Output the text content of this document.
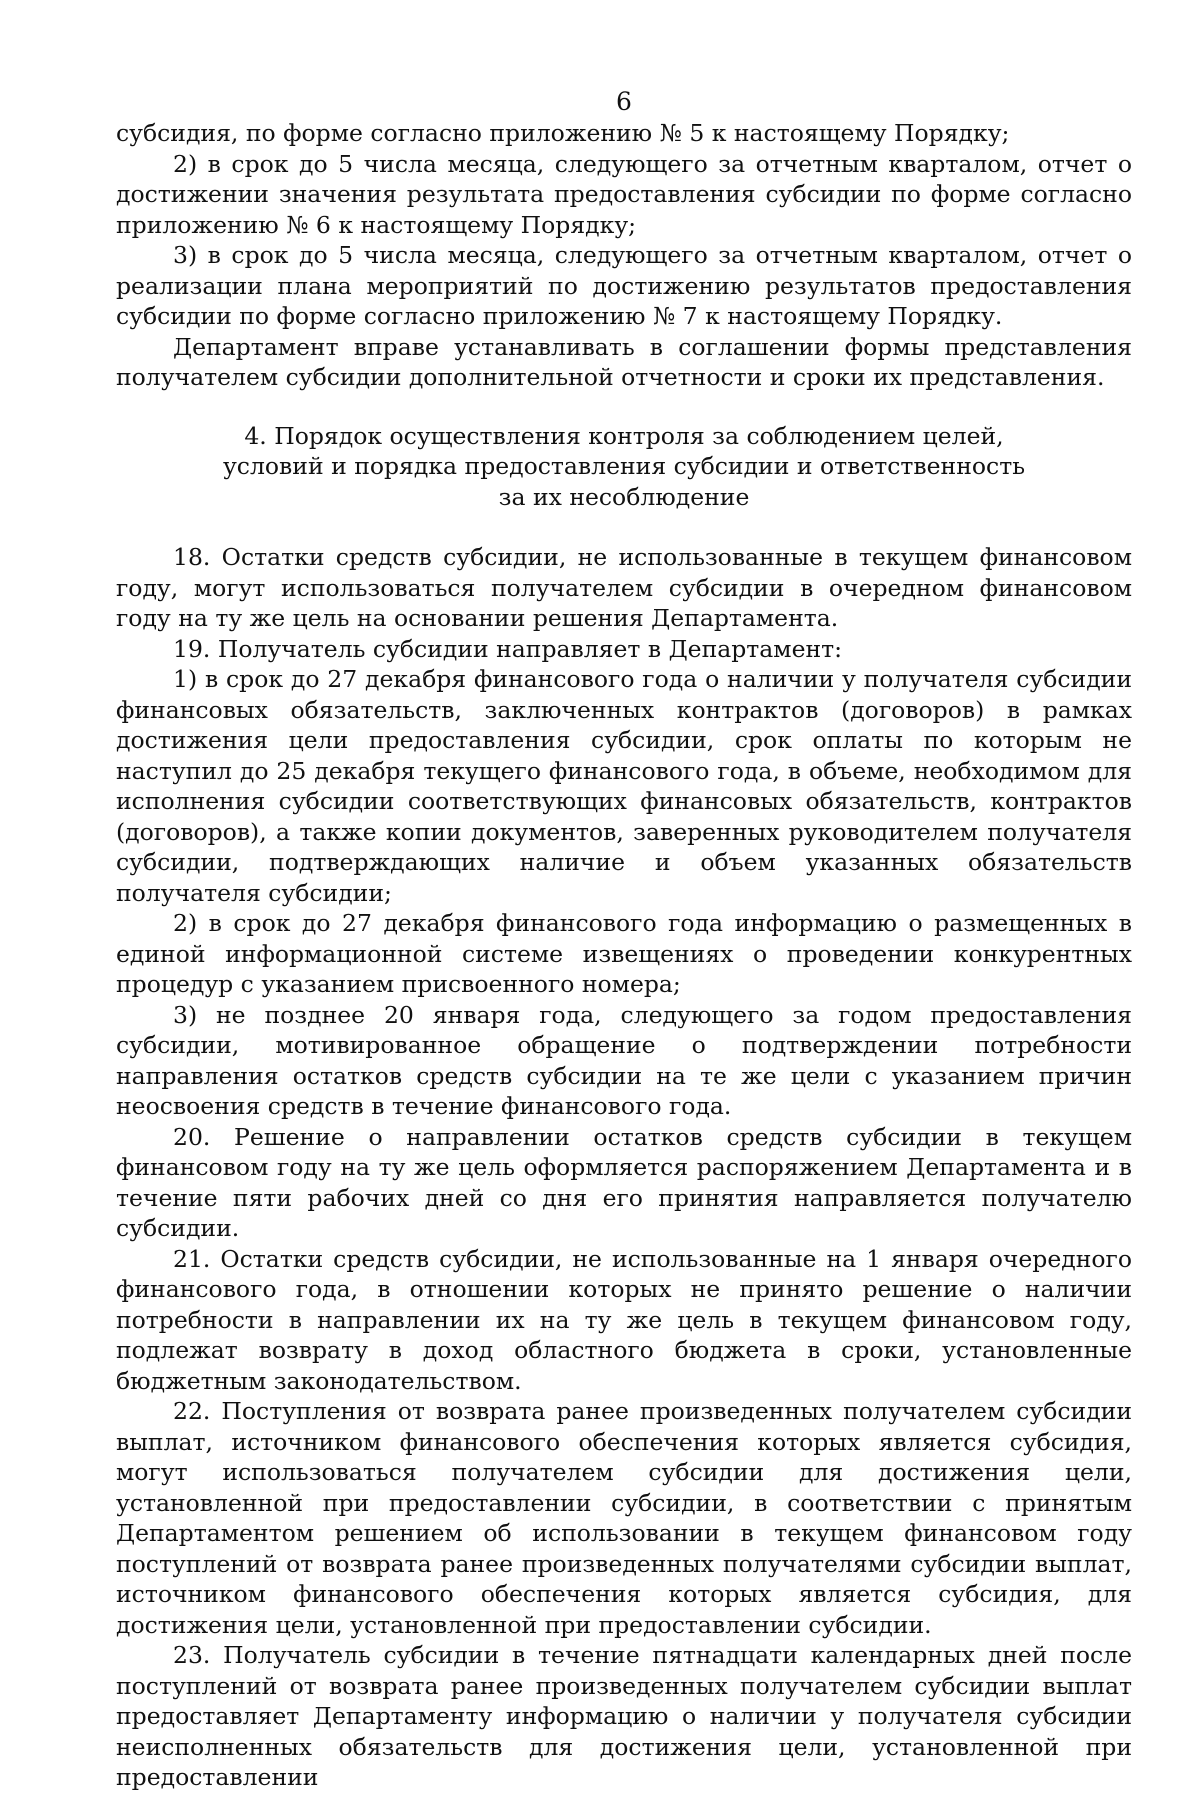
6

субсидия, по форме согласно приложению № 5 к настоящему Порядку;

2) в срок до 5 числа месяца, следующего за отчетным кварталом, отчет о достижении значения результата предоставления субсидии по форме согласно приложению № 6 к настоящему Порядку;

3) в срок до 5 числа месяца, следующего за отчетным кварталом, отчет о реализации плана мероприятий по достижению результатов предоставления субсидии по форме согласно приложению № 7 к настоящему Порядку.

Департамент вправе устанавливать в соглашении формы представления получателем субсидии дополнительной отчетности и сроки их представления.

4. Порядок осуществления контроля за соблюдением целей,
условий и порядка предоставления субсидии и ответственность
за их несоблюдение

18. Остатки средств субсидии, не использованные в текущем финансовом году, могут использоваться получателем субсидии в очередном финансовом году на ту же цель на основании решения Департамента.

19. Получатель субсидии направляет в Департамент:

1) в срок до 27 декабря финансового года о наличии у получателя субсидии финансовых обязательств, заключенных контрактов (договоров) в рамках достижения цели предоставления субсидии, срок оплаты по которым не наступил до 25 декабря текущего финансового года, в объеме, необходимом для исполнения субсидии соответствующих финансовых обязательств, контрактов (договоров), а также копии документов, заверенных руководителем получателя субсидии, подтверждающих наличие и объем указанных обязательств получателя субсидии;

2) в срок до 27 декабря финансового года информацию о размещенных в единой информационной системе извещениях о проведении конкурентных процедур с указанием присвоенного номера;

3) не позднее 20 января года, следующего за годом предоставления субсидии, мотивированное обращение о подтверждении потребности направления остатков средств субсидии на те же цели с указанием причин неосвоения средств в течение финансового года.

20. Решение о направлении остатков средств субсидии в текущем финансовом году на ту же цель оформляется распоряжением Департамента и в течение пяти рабочих дней со дня его принятия направляется получателю субсидии.

21. Остатки средств субсидии, не использованные на 1 января очередного финансового года, в отношении которых не принято решение о наличии потребности в направлении их на ту же цель в текущем финансовом году, подлежат возврату в доход областного бюджета в сроки, установленные бюджетным законодательством.

22. Поступления от возврата ранее произведенных получателем субсидии выплат, источником финансового обеспечения которых является субсидия, могут использоваться получателем субсидии для достижения цели, установленной при предоставлении субсидии, в соответствии с принятым Департаментом решением об использовании в текущем финансовом году поступлений от возврата ранее произведенных получателями субсидии выплат, источником финансового обеспечения которых является субсидия, для достижения цели, установленной при предоставлении субсидии.

23. Получатель субсидии в течение пятнадцати календарных дней после поступлений от возврата ранее произведенных получателем субсидии выплат предоставляет Департаменту информацию о наличии у получателя субсидии неисполненных обязательств для достижения цели, установленной при предоставлении
